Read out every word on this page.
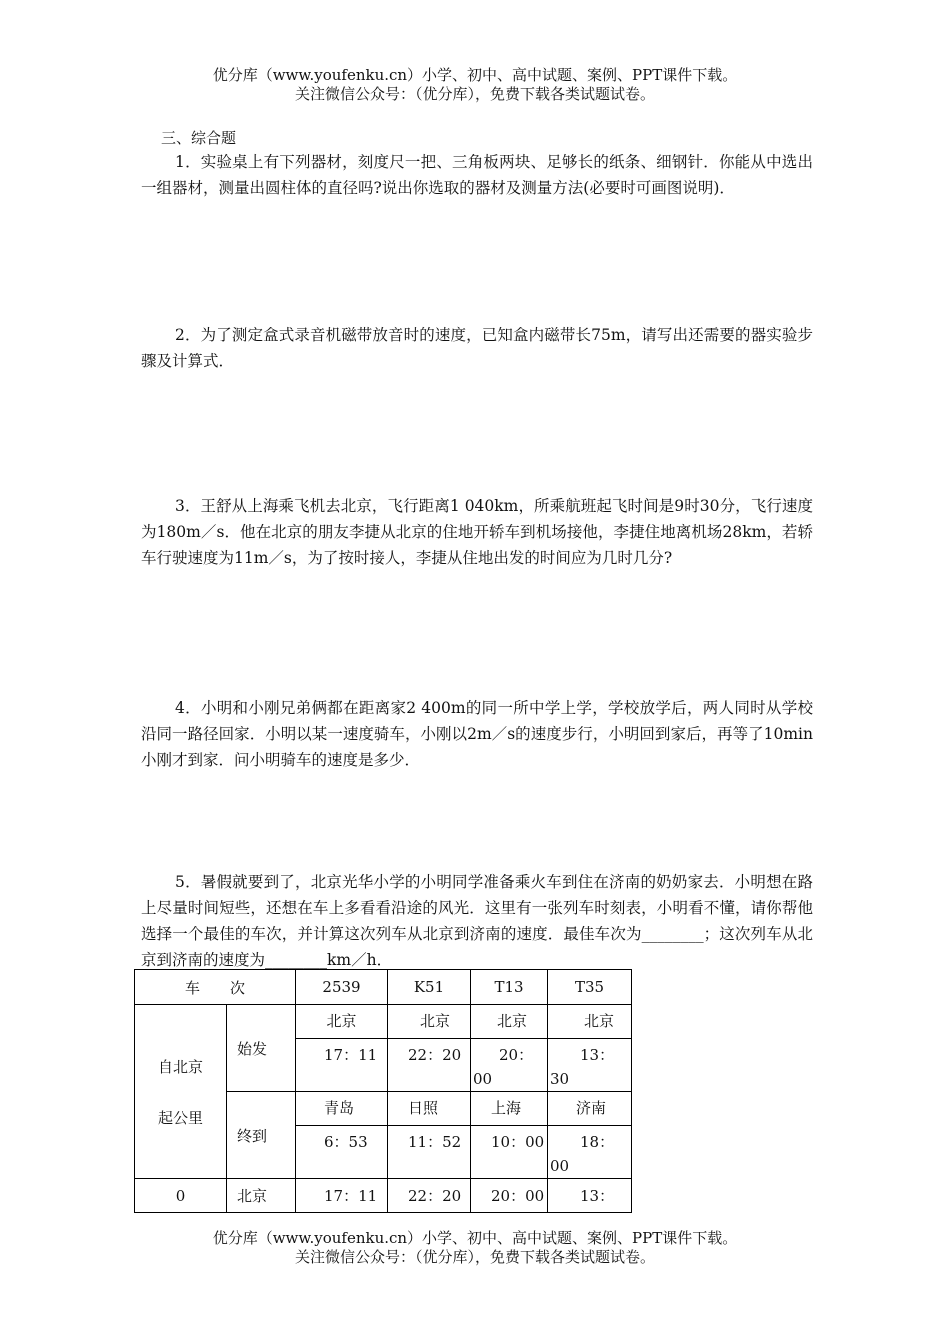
优分库（www.youfenku.cn）小学、初中、高中试题、案例、PPT课件下载。
关注微信公众号：（优分库），免费下载各类试题试卷。
三、综合题
1．实验桌上有下列器材，刻度尺一把、三角板两块、足够长的纸条、细钢针．你能从中选出一组器材，测量出圆柱体的直径吗?说出你选取的器材及测量方法(必要时可画图说明)．
2．为了测定盒式录音机磁带放音时的速度，已知盒内磁带长75m，请写出还需要的器实验步骤及计算式．
3．王舒从上海乘飞机去北京，飞行距离1 040km，所乘航班起飞时间是9时30分，飞行速度为180m／s．他在北京的朋友李捷从北京的住地开轿车到机场接他，李捷住地离机场28km，若轿车行驶速度为11m／s，为了按时接人，李捷从住地出发的时间应为几时几分?
4．小明和小刚兄弟俩都在距离家2 400m的同一所中学上学，学校放学后，两人同时从学校沿同一路径回家．小明以某一速度骑车，小刚以2m／s的速度步行，小明回到家后，再等了10min小刚才到家．问小明骑车的速度是多少．
5．暑假就要到了，北京光华小学的小明同学准备乘火车到住在济南的奶奶家去．小明想在路上尽量时间短些，还想在车上多看看沿途的风光．这里有一张列车时刻表，小明看不懂，请你帮他选择一个最佳的车次，并计算这次列车从北京到济南的速度．最佳车次为________；这次列车从北京到济南的速度为________km／h．
车　　次		2539	K51	T13	T35

自北京
起公里	始发	北京	北京	北京	北京

		17：11	22：20	20：00	13：30

	终到	青岛	日照	上海	济南

		6：53	11：52	10：00	18：00

0	北京	17：11	22：20	20：00	13：
优分库（www.youfenku.cn）小学、初中、高中试题、案例、PPT课件下载。
关注微信公众号：（优分库），免费下载各类试题试卷。
